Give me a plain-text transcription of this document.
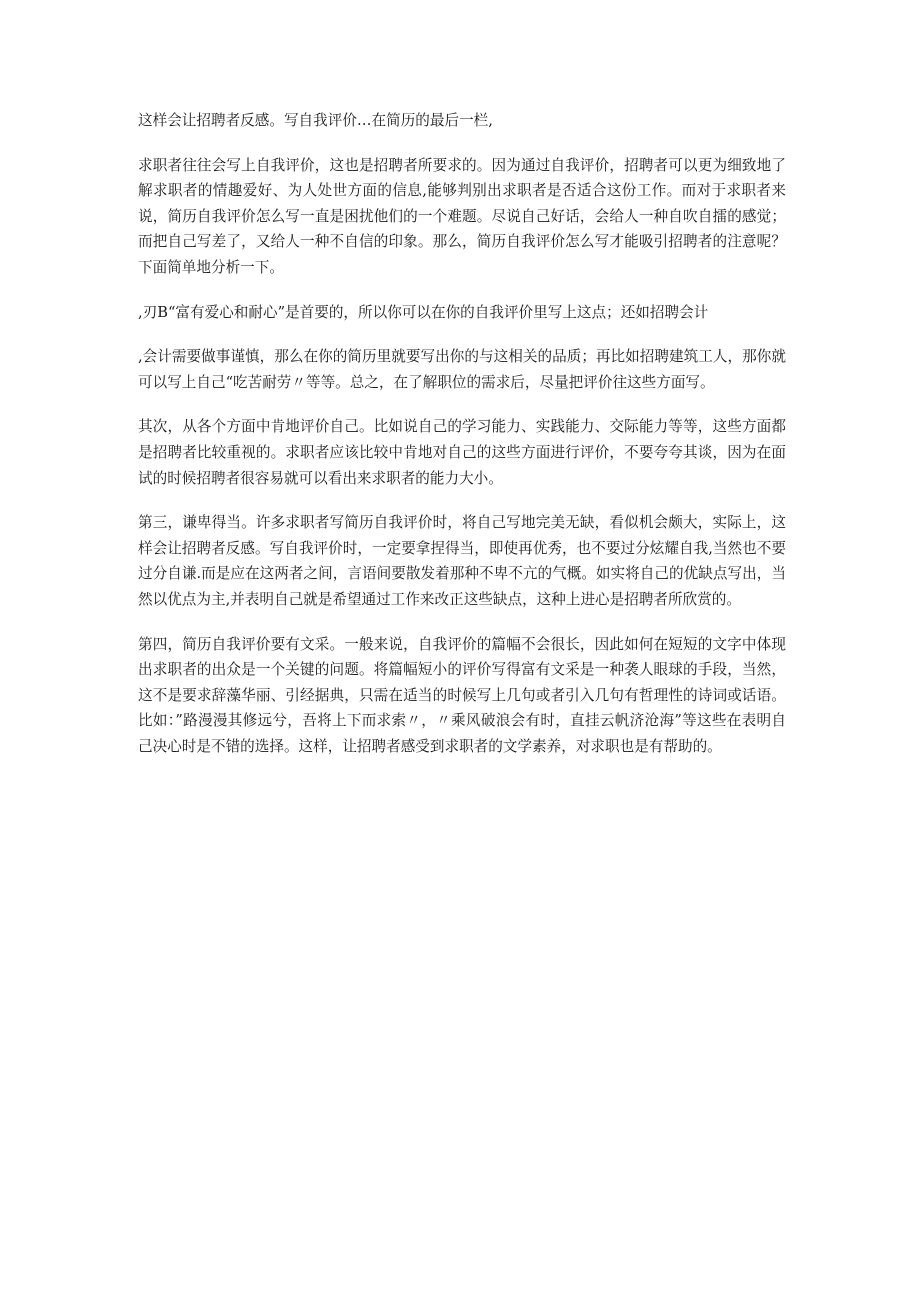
这样会让招聘者反感。写自我评价…在简历的最后一栏,

求职者往往会写上自我评价，这也是招聘者所要求的。因为通过自我评价，招聘者可以更为细致地了解求职者的情趣爱好、为人处世方面的信息,能够判别出求职者是否适合这份工作。而对于求职者来说，简历自我评价怎么写一直是困扰他们的一个难题。尽说自己好话，会给人一种自吹自擂的感觉；而把自己写差了，又给人一种不自信的印象。那么，简历自我评价怎么写才能吸引招聘者的注意呢？下面简单地分析一下。

,刃B“富有爱心和耐心”是首要的，所以你可以在你的自我评价里写上这点；还如招聘会计

,会计需要做事谨慎，那么在你的简历里就要写出你的与这相关的品质；再比如招聘建筑工人，那你就可以写上自己“吃苦耐劳〃等等。总之，在了解职位的需求后，尽量把评价往这些方面写。

其次，从各个方面中肯地评价自己。比如说自己的学习能力、实践能力、交际能力等等，这些方面都是招聘者比较重视的。求职者应该比较中肯地对自己的这些方面进行评价，不要夸夸其谈，因为在面试的时候招聘者很容易就可以看出来求职者的能力大小。

第三，谦卑得当。许多求职者写简历自我评价时，将自己写地完美无缺，看似机会颇大，实际上，这样会让招聘者反感。写自我评价时，一定要拿捏得当，即使再优秀，也不要过分炫耀自我,当然也不要过分自谦.而是应在这两者之间，言语间要散发着那种不卑不亢的气概。如实将自己的优缺点写出，当然以优点为主,并表明自己就是希望通过工作来改正这些缺点，这种上进心是招聘者所欣赏的。

第四，简历自我评价要有文采。一般来说，自我评价的篇幅不会很长，因此如何在短短的文字中体现出求职者的出众是一个关键的问题。将篇幅短小的评价写得富有文采是一种袭人眼球的手段，当然，这不是要求辞藻华丽、引经据典，只需在适当的时候写上几句或者引入几句有哲理性的诗词或话语。比如：”路漫漫其修远兮，吾将上下而求索〃，〃乘风破浪会有时，直挂云帆济沧海”等这些在表明自己决心时是不错的选择。这样，让招聘者感受到求职者的文学素养，对求职也是有帮助的。
